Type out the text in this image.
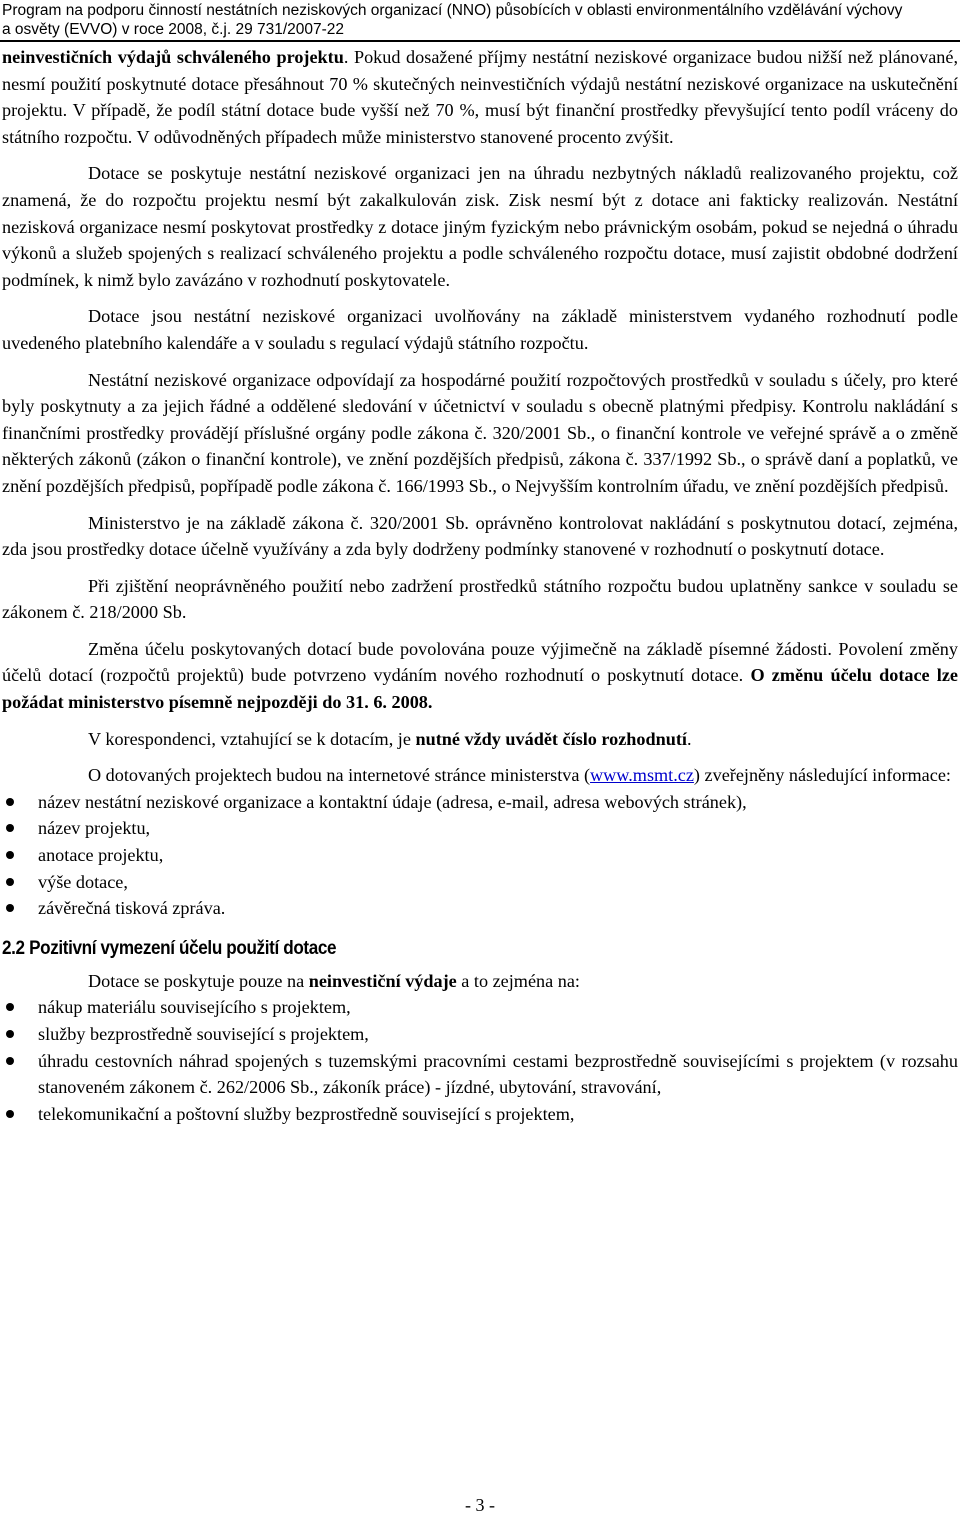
Program na podporu činností nestátních neziskových organizací (NNO) působících v oblasti environmentálního vzdělávání výchovy
a osvěty (EVVO) v roce 2008, č.j. 29 731/2007-22

neinvestičních výdajů schváleného projektu. Pokud dosažené příjmy nestátní neziskové organizace budou nižší než plánované, nesmí použití poskytnuté dotace přesáhnout 70 % skutečných neinvestičních výdajů nestátní neziskové organizace na uskutečnění projektu. V případě, že podíl státní dotace bude vyšší než 70 %, musí být finanční prostředky převyšující tento podíl vráceny do státního rozpočtu. V odůvodněných případech může ministerstvo stanovené procento zvýšit.

Dotace se poskytuje nestátní neziskové organizaci jen na úhradu nezbytných nákladů realizovaného projektu, což znamená, že do rozpočtu projektu nesmí být zakalkulován zisk. Zisk nesmí být z dotace ani fakticky realizován. Nestátní nezisková organizace nesmí poskytovat prostředky z dotace jiným fyzickým nebo právnickým osobám, pokud se nejedná o úhradu výkonů a služeb spojených s realizací schváleného projektu a podle schváleného rozpočtu dotace, musí zajistit obdobné dodržení podmínek, k nimž bylo zavázáno v rozhodnutí poskytovatele.

Dotace jsou nestátní neziskové organizaci uvolňovány na základě ministerstvem vydaného rozhodnutí podle uvedeného platebního kalendáře a v souladu s regulací výdajů státního rozpočtu.

Nestátní neziskové organizace odpovídají za hospodárné použití rozpočtových prostředků v souladu s účely, pro které byly poskytnuty a za jejich řádné a oddělené sledování v účetnictví v souladu s obecně platnými předpisy. Kontrolu nakládání s finančními prostředky provádějí příslušné orgány podle zákona č. 320/2001 Sb., o finanční kontrole ve veřejné správě a o změně některých zákonů (zákon o finanční kontrole), ve znění pozdějších předpisů, zákona č. 337/1992 Sb., o správě daní a poplatků, ve znění pozdějších předpisů, popřípadě podle zákona č. 166/1993 Sb., o Nejvyšším kontrolním úřadu, ve znění pozdějších předpisů.

Ministerstvo je na základě zákona č. 320/2001 Sb. oprávněno kontrolovat nakládání s poskytnutou dotací, zejména, zda jsou prostředky dotace účelně využívány a zda byly dodrženy podmínky stanovené v rozhodnutí o poskytnutí dotace.

Při zjištění neoprávněného použití nebo zadržení prostředků státního rozpočtu budou uplatněny sankce v souladu se zákonem č. 218/2000 Sb.

Změna účelu poskytovaných dotací bude povolována pouze výjimečně na základě písemné žádosti. Povolení změny účelů dotací (rozpočtů projektů) bude potvrzeno vydáním nového rozhodnutí o poskytnutí dotace. O změnu účelu dotace lze požádat ministerstvo písemně nejpozději do 31. 6. 2008.

V korespondenci, vztahující se k dotacím, je nutné vždy uvádět číslo rozhodnutí.

O dotovaných projektech budou na internetové stránce ministerstva (www.msmt.cz) zveřejněny následující informace:

název nestátní neziskové organizace a kontaktní údaje (adresa, e-mail, adresa webových stránek),
název projektu,
anotace projektu,
výše dotace,
závěrečná tisková zpráva.
2.2 Pozitivní vymezení účelu použití dotace

Dotace se poskytuje pouze na neinvestiční výdaje a to zejména na:

nákup materiálu souvisejícího s projektem,
služby bezprostředně související s projektem,
úhradu cestovních náhrad spojených s tuzemskými pracovními cestami bezprostředně souvisejícími s projektem (v rozsahu stanoveném zákonem č. 262/2006 Sb., zákoník práce) - jízdné, ubytování, stravování,
telekomunikační a poštovní služby bezprostředně související s projektem,
- 3 -
